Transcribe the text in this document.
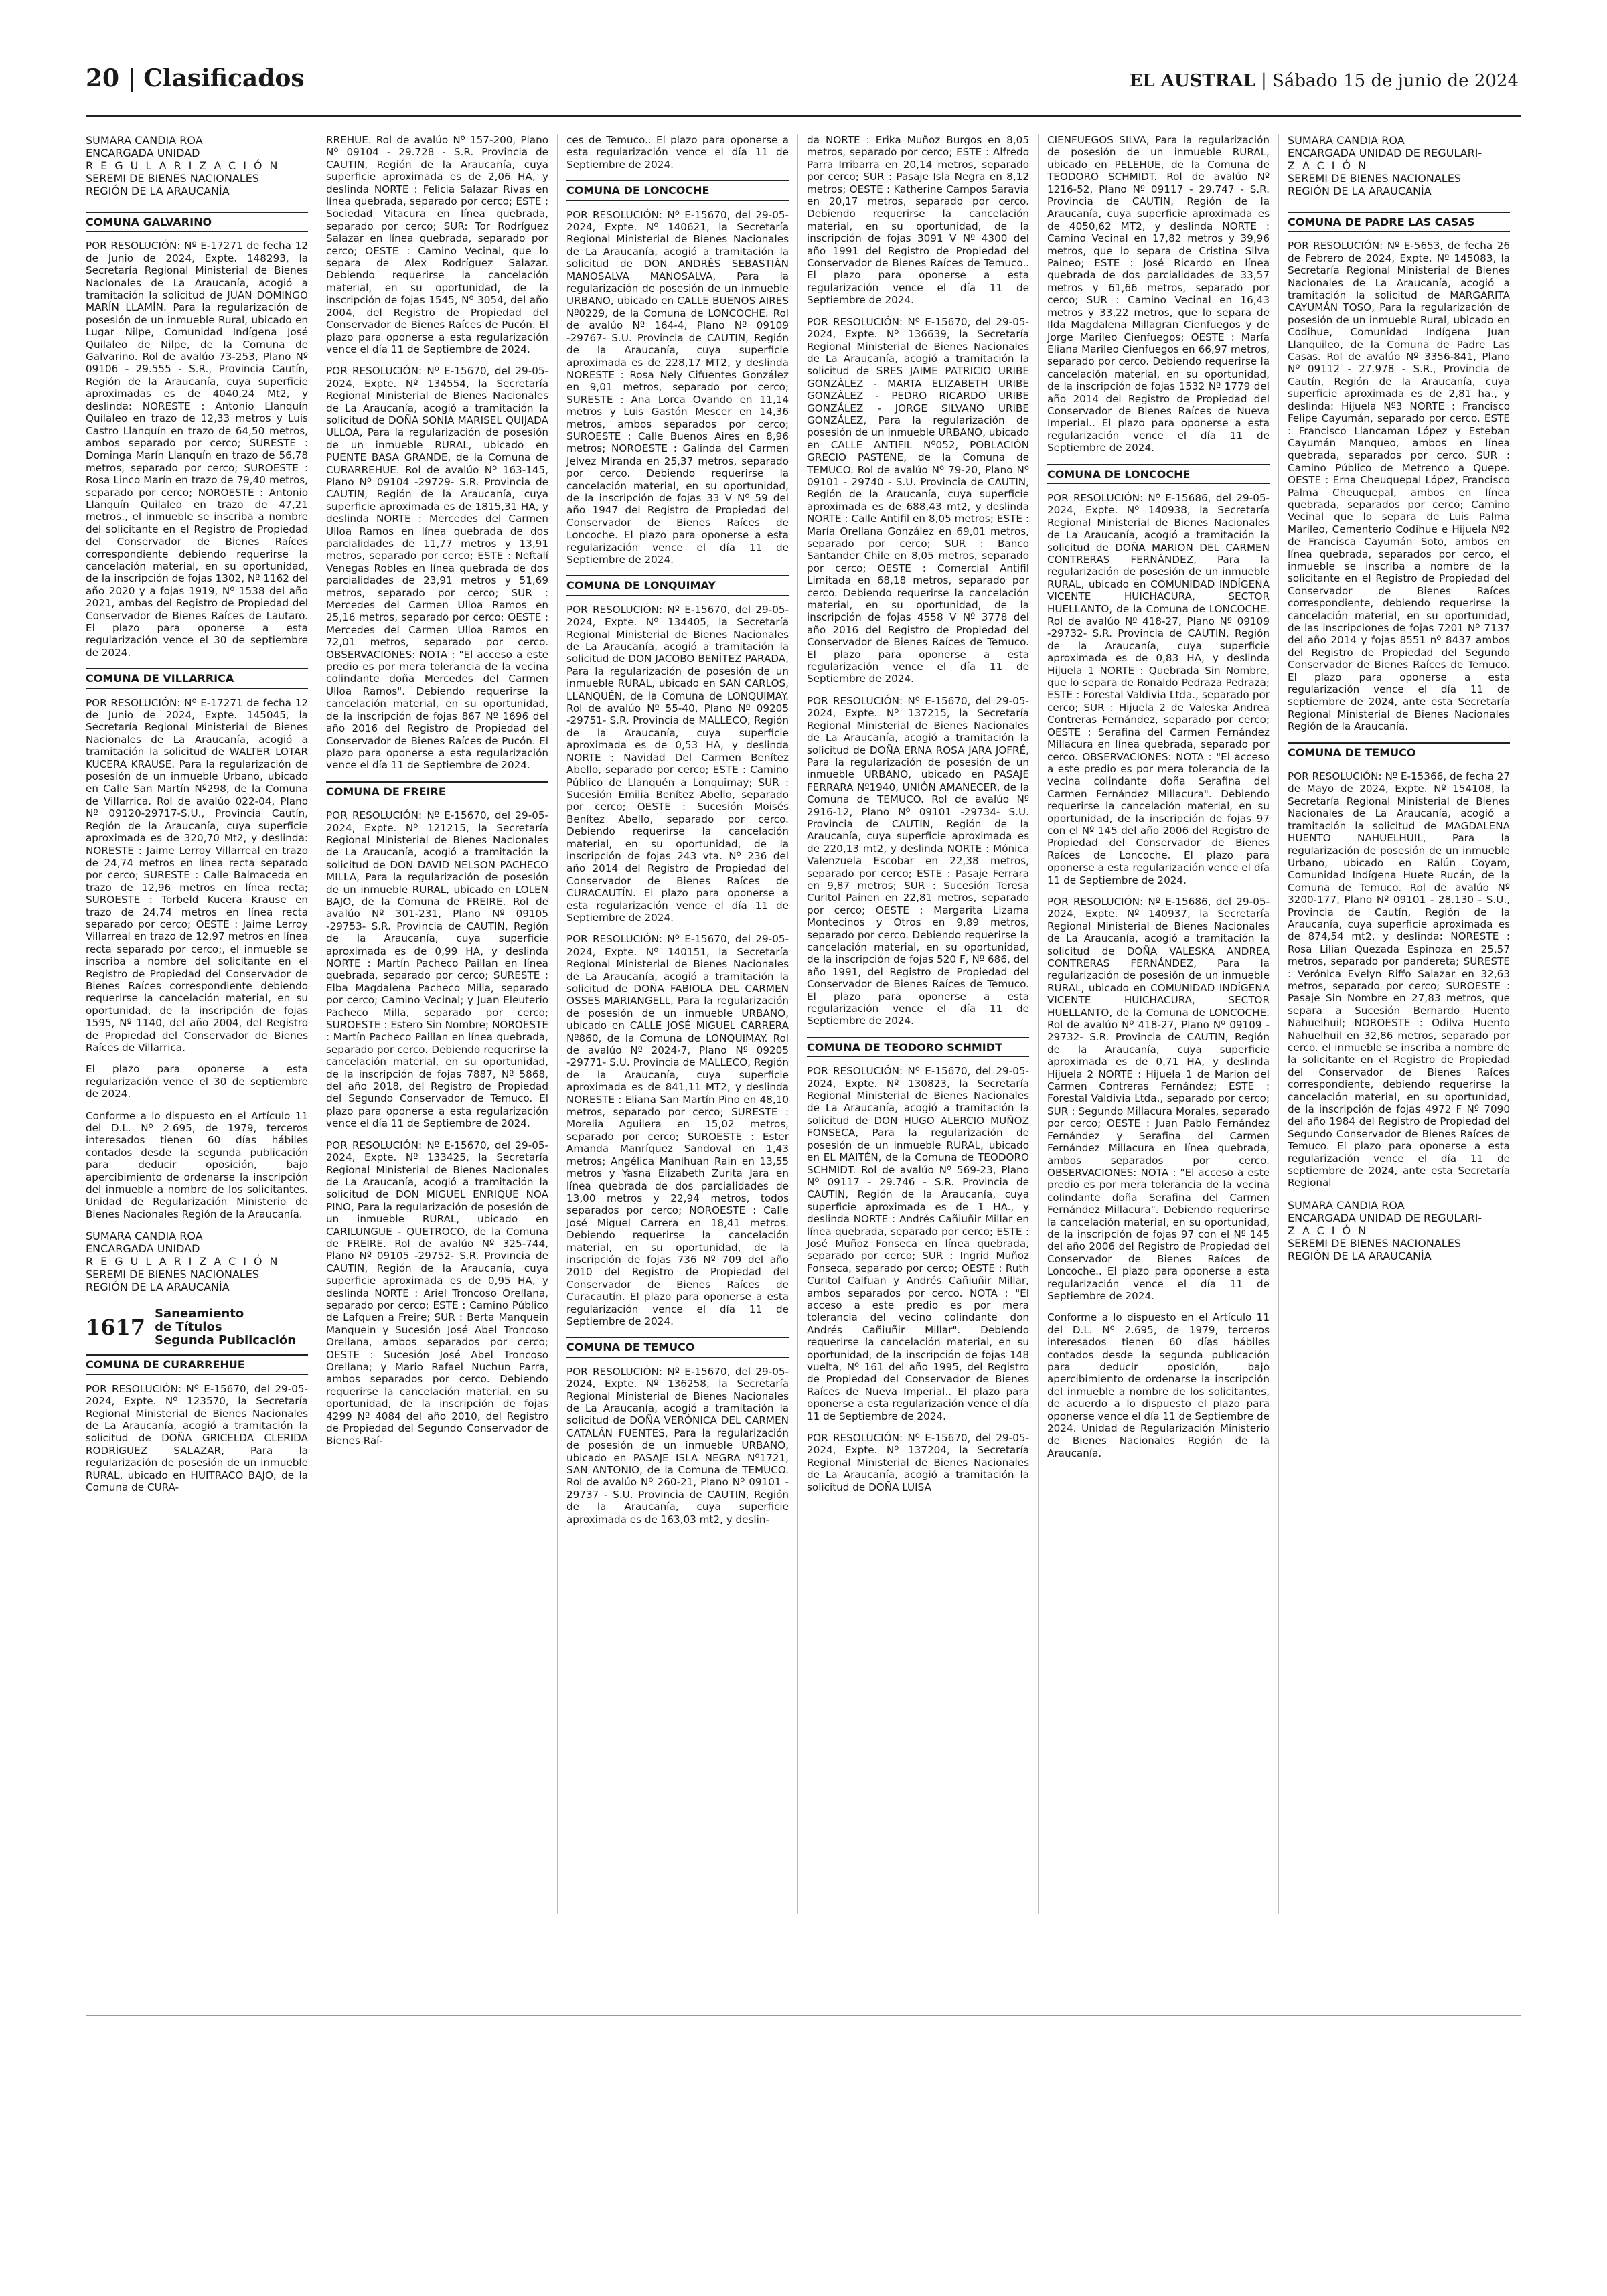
20 | Clasificados	EL AUSTRAL | Sábado 15 de junio de 2024
SUMARA CANDIA ROA
ENCARGADA UNIDAD
REGULARIZACIÓN
SEREMI DE BIENES NACIONALES
REGIÓN DE LA ARAUCANÍA
COMUNA GALVARINO

POR RESOLUCIÓN: Nº E-17271 de fecha 12 de Junio de 2024, Expte. 148293, la Secretaría Regional Ministerial de Bienes Nacionales de La Araucanía, acogió a tramitación la solicitud de JUAN DOMINGO MARÍN LLAMÍN. Para la regularización de posesión de un inmueble Rural, ubicado en Lugar Nilpe, Comunidad Indígena José Quilaleo de Nilpe, de la Comuna de Galvarino. Rol de avalúo 73-253, Plano Nº 09106 - 29.555 - S.R., Provincia Cautín, Región de la Araucanía, cuya superficie aproximadas es de 4040,24 Mt2, y deslinda: NORESTE : Antonio Llanquín Quilaleo en trazo de 12,33 metros y Luis Castro Llanquín en trazo de 64,50 metros, ambos separado por cerco; SURESTE : Dominga Marín Llanquín en trazo de 56,78 metros, separado por cerco; SUROESTE : Rosa Linco Marín en trazo de 79,40 metros, separado por cerco; NOROESTE : Antonio Llanquín Quilaleo en trazo de 47,21 metros., el inmueble se inscriba a nombre del solicitante en el Registro de Propiedad del Conservador de Bienes Raíces correspondiente debiendo requerirse la cancelación material, en su oportunidad, de la inscripción de fojas 1302, Nº 1162 del año 2020 y a fojas 1919, Nº 1538 del año 2021, ambas del Registro de Propiedad del Conservador de Bienes Raíces de Lautaro. El plazo para oponerse a esta regularización vence el 30 de septiembre de 2024.

COMUNA DE VILLARRICA

POR RESOLUCIÓN: Nº E-17271 de fecha 12 de Junio de 2024, Expte. 145045, la Secretaría Regional Ministerial de Bienes Nacionales de La Araucanía, acogió a tramitación la solicitud de WALTER LOTAR KUCERA KRAUSE. Para la regularización de posesión de un inmueble Urbano, ubicado en Calle San Martín Nº298, de la Comuna de Villarrica. Rol de avalúo 022-04, Plano Nº 09120-29717-S.U., Provincia Cautín, Región de la Araucanía, cuya superficie aproximada es de 320,70 Mt2, y deslinda: NORESTE : Jaime Lerroy Villarreal en trazo de 24,74 metros en línea recta separado por cerco; SURESTE : Calle Balmaceda en trazo de 12,96 metros en línea recta; SUROESTE : Torbeld Kucera Krause en trazo de 24,74 metros en línea recta separado por cerco; OESTE : Jaime Lerroy Villarreal en trazo de 12,97 metros en línea recta separado por cerco;, el inmueble se inscriba a nombre del solicitante en el Registro de Propiedad del Conservador de Bienes Raíces correspondiente debiendo requerirse la cancelación material, en su oportunidad, de la inscripción de fojas 1595, Nº 1140, del año 2004, del Registro de Propiedad del Conservador de Bienes Raíces de Villarrica.

El plazo para oponerse a esta regularización vence el 30 de septiembre de 2024.

Conforme a lo dispuesto en el Artículo 11 del D.L. Nº 2.695, de 1979, terceros interesados tienen 60 días hábiles contados desde la segunda publicación para deducir oposición, bajo apercibimiento de ordenarse la inscripción del inmueble a nombre de los solicitantes. Unidad de Regularización Ministerio de Bienes Nacionales Región de la Araucanía.

SUMARA CANDIA ROA
ENCARGADA UNIDAD
REGULARIZACIÓN
SEREMI DE BIENES NACIONALES
REGIÓN DE LA ARAUCANÍA
1617
Saneamiento
de Títulos
Segunda Publicación
COMUNA DE CURARREHUE

POR RESOLUCIÓN: Nº E-15670, del 29-05-2024, Expte. Nº 123570, la Secretaría Regional Ministerial de Bienes Nacionales de La Araucanía, acogió a tramitación la solicitud de DOÑA GRICELDA CLERIDA RODRÍGUEZ SALAZAR, Para la regularización de posesión de un inmueble RURAL, ubicado en HUITRACO BAJO, de la Comuna de CURA-

RREHUE. Rol de avalúo Nº 157-200, Plano Nº 09104 - 29.728 - S.R. Provincia de CAUTIN, Región de la Araucanía, cuya superficie aproximada es de 2,06 HA, y deslinda NORTE : Felicia Salazar Rivas en línea quebrada, separado por cerco; ESTE : Sociedad Vitacura en línea quebrada, separado por cerco; SUR: Tor Rodríguez Salazar en línea quebrada, separado por cerco; OESTE : Camino Vecinal, que lo separa de Alex Rodríguez Salazar. Debiendo requerirse la cancelación material, en su oportunidad, de la inscripción de fojas 1545, Nº 3054, del año 2004, del Registro de Propiedad del Conservador de Bienes Raíces de Pucón. El plazo para oponerse a esta regularización vence el día 11 de Septiembre de 2024.

POR RESOLUCIÓN: Nº E-15670, del 29-05-2024, Expte. Nº 134554, la Secretaría Regional Ministerial de Bienes Nacionales de La Araucanía, acogió a tramitación la solicitud de DOÑA SONIA MARISEL QUIJADA ULLOA, Para la regularización de posesión de un inmueble RURAL, ubicado en PUENTE BASA GRANDE, de la Comuna de CURARREHUE. Rol de avalúo Nº 163-145, Plano Nº 09104 -29729- S.R. Provincia de CAUTIN, Región de la Araucanía, cuya superficie aproximada es de 1815,31 HA, y deslinda NORTE : Mercedes del Carmen Ulloa Ramos en línea quebrada de dos parcialidades de 11,77 metros y 13,91 metros, separado por cerco; ESTE : Neftalí Venegas Robles en línea quebrada de dos parcialidades de 23,91 metros y 51,69 metros, separado por cerco; SUR : Mercedes del Carmen Ulloa Ramos en 25,16 metros, separado por cerco; OESTE : Mercedes del Carmen Ulloa Ramos en 72,01 metros, separado por cerco. OBSERVACIONES: NOTA : "El acceso a este predio es por mera tolerancia de la vecina colindante doña Mercedes del Carmen Ulloa Ramos". Debiendo requerirse la cancelación material, en su oportunidad, de la inscripción de fojas 867 Nº 1696 del año 2016 del Registro de Propiedad del Conservador de Bienes Raíces de Pucón. El plazo para oponerse a esta regularización vence el día 11 de Septiembre de 2024.

COMUNA DE FREIRE

POR RESOLUCIÓN: Nº E-15670, del 29-05-2024, Expte. Nº 121215, la Secretaría Regional Ministerial de Bienes Nacionales de La Araucanía, acogió a tramitación la solicitud de DON DAVID NELSON PACHECO MILLA, Para la regularización de posesión de un inmueble RURAL, ubicado en LOLEN BAJO, de la Comuna de FREIRE. Rol de avalúo Nº 301-231, Plano Nº 09105 -29753- S.R. Provincia de CAUTIN, Región de la Araucanía, cuya superficie aproximada es de 0,99 HA, y deslinda NORTE : Martín Pacheco Paillan en línea quebrada, separado por cerco; SURESTE : Elba Magdalena Pacheco Milla, separado por cerco; Camino Vecinal; y Juan Eleuterio Pacheco Milla, separado por cerco; SUROESTE : Estero Sin Nombre; NOROESTE : Martín Pacheco Paillan en línea quebrada, separado por cerco. Debiendo requerirse la cancelación material, en su oportunidad, de la inscripción de fojas 7887, Nº 5868, del año 2018, del Registro de Propiedad del Segundo Conservador de Temuco. El plazo para oponerse a esta regularización vence el día 11 de Septiembre de 2024.

POR RESOLUCIÓN: Nº E-15670, del 29-05-2024, Expte. Nº 133425, la Secretaría Regional Ministerial de Bienes Nacionales de La Araucanía, acogió a tramitación la solicitud de DON MIGUEL ENRIQUE NOA PINO, Para la regularización de posesión de un inmueble RURAL, ubicado en CARILUNGUE - QUETROCO, de la Comuna de FREIRE. Rol de avalúo Nº 325-744, Plano Nº 09105 -29752- S.R. Provincia de CAUTIN, Región de la Araucanía, cuya superficie aproximada es de 0,95 HA, y deslinda NORTE : Ariel Troncoso Orellana, separado por cerco; ESTE : Camino Público de Lafquen a Freire; SUR : Berta Manquein Manquein y Sucesión José Abel Troncoso Orellana, ambos separados por cerco; OESTE : Sucesión José Abel Troncoso Orellana; y Mario Rafael Nuchun Parra, ambos separados por cerco. Debiendo requerirse la cancelación material, en su oportunidad, de la inscripción de fojas 4299 Nº 4084 del año 2010, del Registro de Propiedad del Segundo Conservador de Bienes Raí-

ces de Temuco.. El plazo para oponerse a esta regularización vence el día 11 de Septiembre de 2024.

COMUNA DE LONCOCHE

POR RESOLUCIÓN: Nº E-15670, del 29-05-2024, Expte. Nº 140621, la Secretaría Regional Ministerial de Bienes Nacionales de La Araucanía, acogió a tramitación la solicitud de DON ANDRÉS SEBASTIÁN MANOSALVA MANOSALVA, Para la regularización de posesión de un inmueble URBANO, ubicado en CALLE BUENOS AIRES Nº0229, de la Comuna de LONCOCHE. Rol de avalúo Nº 164-4, Plano Nº 09109 -29767- S.U. Provincia de CAUTIN, Región de la Araucanía, cuya superficie aproximada es de 228,17 MT2, y deslinda NORESTE : Rosa Nely Cifuentes González en 9,01 metros, separado por cerco; SURESTE : Ana Lorca Ovando en 11,14 metros y Luis Gastón Mescer en 14,36 metros, ambos separados por cerco; SUROESTE : Calle Buenos Aires en 8,96 metros; NOROESTE : Galinda del Carmen Jelvez Miranda en 25,37 metros, separado por cerco. Debiendo requerirse la cancelación material, en su oportunidad, de la inscripción de fojas 33 V Nº 59 del año 1947 del Registro de Propiedad del Conservador de Bienes Raíces de Loncoche. El plazo para oponerse a esta regularización vence el día 11 de Septiembre de 2024.

COMUNA DE LONQUIMAY

POR RESOLUCIÓN: Nº E-15670, del 29-05-2024, Expte. Nº 134405, la Secretaría Regional Ministerial de Bienes Nacionales de La Araucanía, acogió a tramitación la solicitud de DON JACOBO BENÍTEZ PARADA, Para la regularización de posesión de un inmueble RURAL, ubicado en SAN CARLOS, LLANQUÉN, de la Comuna de LONQUIMAY. Rol de avalúo Nº 55-40, Plano Nº 09205 -29751- S.R. Provincia de MALLECO, Región de la Araucanía, cuya superficie aproximada es de 0,53 HA, y deslinda NORTE : Navidad Del Carmen Benítez Abello, separado por cerco; ESTE : Camino Público de Llanquén a Lonquimay; SUR : Sucesión Emilia Benítez Abello, separado por cerco; OESTE : Sucesión Moisés Benítez Abello, separado por cerco. Debiendo requerirse la cancelación material, en su oportunidad, de la inscripción de fojas 243 vta. Nº 236 del año 2014 del Registro de Propiedad del Conservador de Bienes Raíces de CURACAUTÍN. El plazo para oponerse a esta regularización vence el día 11 de Septiembre de 2024.

POR RESOLUCIÓN: Nº E-15670, del 29-05-2024, Expte. Nº 140151, la Secretaría Regional Ministerial de Bienes Nacionales de La Araucanía, acogió a tramitación la solicitud de DOÑA FABIOLA DEL CARMEN OSSES MARIANGELL, Para la regularización de posesión de un inmueble URBANO, ubicado en CALLE JOSÉ MIGUEL CARRERA Nº860, de la Comuna de LONQUIMAY. Rol de avalúo Nº 2024-7, Plano Nº 09205 -29771- S.U. Provincia de MALLECO, Región de la Araucanía, cuya superficie aproximada es de 841,11 MT2, y deslinda NORESTE : Eliana San Martín Pino en 48,10 metros, separado por cerco; SURESTE : Morelia Aguilera en 15,02 metros, separado por cerco; SUROESTE : Ester Amanda Manríquez Sandoval en 1,43 metros; Angélica Manihuan Rain en 13,55 metros y Yasna Elizabeth Zurita Jara en línea quebrada de dos parcialidades de 13,00 metros y 22,94 metros, todos separados por cerco; NOROESTE : Calle José Miguel Carrera en 18,41 metros. Debiendo requerirse la cancelación material, en su oportunidad, de la inscripción de fojas 736 Nº 709 del año 2010 del Registro de Propiedad del Conservador de Bienes Raíces de Curacautín. El plazo para oponerse a esta regularización vence el día 11 de Septiembre de 2024.

COMUNA DE TEMUCO

POR RESOLUCIÓN: Nº E-15670, del 29-05-2024, Expte. Nº 136258, la Secretaría Regional Ministerial de Bienes Nacionales de La Araucanía, acogió a tramitación la solicitud de DOÑA VERÓNICA DEL CARMEN CATALÁN FUENTES, Para la regularización de posesión de un inmueble URBANO, ubicado en PASAJE ISLA NEGRA Nº1721, SAN ANTONIO, de la Comuna de TEMUCO. Rol de avalúo Nº 260-21, Plano Nº 09101 - 29737 - S.U. Provincia de CAUTIN, Región de la Araucanía, cuya superficie aproximada es de 163,03 mt2, y deslin-

da NORTE : Erika Muñoz Burgos en 8,05 metros, separado por cerco; ESTE : Alfredo Parra Irribarra en 20,14 metros, separado por cerco; SUR : Pasaje Isla Negra en 8,12 metros; OESTE : Katherine Campos Saravia en 20,17 metros, separado por cerco. Debiendo requerirse la cancelación material, en su oportunidad, de la inscripción de fojas 3091 V Nº 4300 del año 1991 del Registro de Propiedad del Conservador de Bienes Raíces de Temuco.. El plazo para oponerse a esta regularización vence el día 11 de Septiembre de 2024.

POR RESOLUCIÓN: Nº E-15670, del 29-05-2024, Expte. Nº 136639, la Secretaría Regional Ministerial de Bienes Nacionales de La Araucanía, acogió a tramitación la solicitud de SRES JAIME PATRICIO URIBE GONZÁLEZ - MARTA ELIZABETH URIBE GONZÁLEZ - PEDRO RICARDO URIBE GONZÁLEZ - JORGE SILVANO URIBE GONZÁLEZ, Para la regularización de posesión de un inmueble URBANO, ubicado en CALLE ANTIFIL Nº052, POBLACIÓN GRECIO PASTENE, de la Comuna de TEMUCO. Rol de avalúo Nº 79-20, Plano Nº 09101 - 29740 - S.U. Provincia de CAUTIN, Región de la Araucanía, cuya superficie aproximada es de 688,43 mt2, y deslinda NORTE : Calle Antifil en 8,05 metros; ESTE : María Orellana González en 69,01 metros, separado por cerco; SUR : Banco Santander Chile en 8,05 metros, separado por cerco; OESTE : Comercial Antifil Limitada en 68,18 metros, separado por cerco. Debiendo requerirse la cancelación material, en su oportunidad, de la inscripción de fojas 4558 V Nº 3778 del año 2016 del Registro de Propiedad del Conservador de Bienes Raíces de Temuco. El plazo para oponerse a esta regularización vence el día 11 de Septiembre de 2024.

POR RESOLUCIÓN: Nº E-15670, del 29-05-2024, Expte. Nº 137215, la Secretaría Regional Ministerial de Bienes Nacionales de La Araucanía, acogió a tramitación la solicitud de DOÑA ERNA ROSA JARA JOFRÉ, Para la regularización de posesión de un inmueble URBANO, ubicado en PASAJE FERRARA Nº1940, UNIÓN AMANECER, de la Comuna de TEMUCO. Rol de avalúo Nº 2916-12, Plano Nº 09101 -29734- S.U. Provincia de CAUTIN, Región de la Araucanía, cuya superficie aproximada es de 220,13 mt2, y deslinda NORTE : Mónica Valenzuela Escobar en 22,38 metros, separado por cerco; ESTE : Pasaje Ferrara en 9,87 metros; SUR : Sucesión Teresa Curitol Painen en 22,81 metros, separado por cerco; OESTE : Margarita Lizama Montecinos y Otros en 9,89 metros, separado por cerco. Debiendo requerirse la cancelación material, en su oportunidad, de la inscripción de fojas 520 F, Nº 686, del año 1991, del Registro de Propiedad del Conservador de Bienes Raíces de Temuco. El plazo para oponerse a esta regularización vence el día 11 de Septiembre de 2024.

COMUNA DE TEODORO SCHMIDT

POR RESOLUCIÓN: Nº E-15670, del 29-05-2024, Expte. Nº 130823, la Secretaría Regional Ministerial de Bienes Nacionales de La Araucanía, acogió a tramitación la solicitud de DON HUGO ALERCIO MUÑOZ FONSECA, Para la regularización de posesión de un inmueble RURAL, ubicado en EL MAITÉN, de la Comuna de TEODORO SCHMIDT. Rol de avalúo Nº 569-23, Plano Nº 09117 - 29.746 - S.R. Provincia de CAUTIN, Región de la Araucanía, cuya superficie aproximada es de 1 HA., y deslinda NORTE : Andrés Cañiuñir Millar en línea quebrada, separado por cerco; ESTE : José Muñoz Fonseca en línea quebrada, separado por cerco; SUR : Ingrid Muñoz Fonseca, separado por cerco; OESTE : Ruth Curitol Calfuan y Andrés Cañiuñir Millar, ambos separados por cerco. NOTA : "El acceso a este predio es por mera tolerancia del vecino colindante don Andrés Cañiuñir Millar". Debiendo requerirse la cancelación material, en su oportunidad, de la inscripción de fojas 148 vuelta, Nº 161 del año 1995, del Registro de Propiedad del Conservador de Bienes Raíces de Nueva Imperial.. El plazo para oponerse a esta regularización vence el día 11 de Septiembre de 2024.

POR RESOLUCIÓN: Nº E-15670, del 29-05-2024, Expte. Nº 137204, la Secretaría Regional Ministerial de Bienes Nacionales de La Araucanía, acogió a tramitación la solicitud de DOÑA LUISA

CIENFUEGOS SILVA, Para la regularización de posesión de un inmueble RURAL, ubicado en PELEHUE, de la Comuna de TEODORO SCHMIDT. Rol de avalúo Nº 1216-52, Plano Nº 09117 - 29.747 - S.R. Provincia de CAUTIN, Región de la Araucanía, cuya superficie aproximada es de 4050,62 MT2, y deslinda NORTE : Camino Vecinal en 17,82 metros y 39,96 metros, que lo separa de Cristina Silva Paineo; ESTE : José Ricardo en línea quebrada de dos parcialidades de 33,57 metros y 61,66 metros, separado por cerco; SUR : Camino Vecinal en 16,43 metros y 33,22 metros, que lo separa de Ilda Magdalena Millagran Cienfuegos y de Jorge Marileo Cienfuegos; OESTE : María Eliana Marileo Cienfuegos en 66,97 metros, separado por cerco. Debiendo requerirse la cancelación material, en su oportunidad, de la inscripción de fojas 1532 Nº 1779 del año 2014 del Registro de Propiedad del Conservador de Bienes Raíces de Nueva Imperial.. El plazo para oponerse a esta regularización vence el día 11 de Septiembre de 2024.

COMUNA DE LONCOCHE

POR RESOLUCIÓN: Nº E-15686, del 29-05-2024, Expte. Nº 140938, la Secretaría Regional Ministerial de Bienes Nacionales de La Araucanía, acogió a tramitación la solicitud de DOÑA MARION DEL CARMEN CONTRERAS FERNÁNDEZ, Para la regularización de posesión de un inmueble RURAL, ubicado en COMUNIDAD INDÍGENA VICENTE HUICHACURA, SECTOR HUELLANTO, de la Comuna de LONCOCHE. Rol de avalúo Nº 418-27, Plano Nº 09109 -29732- S.R. Provincia de CAUTIN, Región de la Araucanía, cuya superficie aproximada es de 0,83 HA, y deslinda Hijuela 1 NORTE : Quebrada Sin Nombre, que lo separa de Ronaldo Pedraza Pedraza; ESTE : Forestal Valdivia Ltda., separado por cerco; SUR : Hijuela 2 de Valeska Andrea Contreras Fernández, separado por cerco; OESTE : Serafina del Carmen Fernández Millacura en línea quebrada, separado por cerco. OBSERVACIONES: NOTA : "El acceso a este predio es por mera tolerancia de la vecina colindante doña Serafina del Carmen Fernández Millacura". Debiendo requerirse la cancelación material, en su oportunidad, de la inscripción de fojas 97 con el Nº 145 del año 2006 del Registro de Propiedad del Conservador de Bienes Raíces de Loncoche. El plazo para oponerse a esta regularización vence el día 11 de Septiembre de 2024.

POR RESOLUCIÓN: Nº E-15686, del 29-05-2024, Expte. Nº 140937, la Secretaría Regional Ministerial de Bienes Nacionales de La Araucanía, acogió a tramitación la solicitud de DOÑA VALESKA ANDREA CONTRERAS FERNÁNDEZ, Para la regularización de posesión de un inmueble RURAL, ubicado en COMUNIDAD INDÍGENA VICENTE HUICHACURA, SECTOR HUELLANTO, de la Comuna de LONCOCHE. Rol de avalúo Nº 418-27, Plano Nº 09109 - 29732- S.R. Provincia de CAUTIN, Región de la Araucanía, cuya superficie aproximada es de 0,71 HA, y deslinda Hijuela 2 NORTE : Hijuela 1 de Marion del Carmen Contreras Fernández; ESTE : Forestal Valdivia Ltda., separado por cerco; SUR : Segundo Millacura Morales, separado por cerco; OESTE : Juan Pablo Fernández Fernández y Serafina del Carmen Fernández Millacura en línea quebrada, ambos separados por cerco. OBSERVACIONES: NOTA : "El acceso a este predio es por mera tolerancia de la vecina colindante doña Serafina del Carmen Fernández Millacura". Debiendo requerirse la cancelación material, en su oportunidad, de la inscripción de fojas 97 con el Nº 145 del año 2006 del Registro de Propiedad del Conservador de Bienes Raíces de Loncoche.. El plazo para oponerse a esta regularización vence el día 11 de Septiembre de 2024.

Conforme a lo dispuesto en el Artículo 11 del D.L. Nº 2.695, de 1979, terceros interesados tienen 60 días hábiles contados desde la segunda publicación para deducir oposición, bajo apercibimiento de ordenarse la inscripción del inmueble a nombre de los solicitantes, de acuerdo a lo dispuesto el plazo para oponerse vence el día 11 de Septiembre de 2024. Unidad de Regularización Ministerio de Bienes Nacionales Región de la Araucanía.

SUMARA CANDIA ROA
ENCARGADA UNIDAD DE REGULARI-
ZACIÓN
SEREMI DE BIENES NACIONALES
REGIÓN DE LA ARAUCANÍA
COMUNA DE PADRE LAS CASAS

POR RESOLUCIÓN: Nº E-5653, de fecha 26 de Febrero de 2024, Expte. Nº 145083, la Secretaría Regional Ministerial de Bienes Nacionales de La Araucanía, acogió a tramitación la solicitud de MARGARITA CAYUMÁN TOSO, Para la regularización de posesión de un inmueble Rural, ubicado en Codihue, Comunidad Indígena Juan Llanquileo, de la Comuna de Padre Las Casas. Rol de avalúo Nº 3356-841, Plano Nº 09112 - 27.978 - S.R., Provincia de Cautín, Región de la Araucanía, cuya superficie aproximada es de 2,81 ha., y deslinda: Hijuela Nº3 NORTE : Francisco Felipe Cayumán, separado por cerco. ESTE : Francisco Llancaman López y Esteban Cayumán Manqueo, ambos en línea quebrada, separados por cerco. SUR : Camino Público de Metrenco a Quepe. OESTE : Erna Cheuquepal López, Francisco Palma Cheuquepal, ambos en línea quebrada, separados por cerco; Camino Vecinal que lo separa de Luis Palma Marileo, Cementerio Codihue e Hijuela Nº2 de Francisca Cayumán Soto, ambos en línea quebrada, separados por cerco, el inmueble se inscriba a nombre de la solicitante en el Registro de Propiedad del Conservador de Bienes Raíces correspondiente, debiendo requerirse la cancelación material, en su oportunidad, de las inscripciones de fojas 7201 Nº 7137 del año 2014 y fojas 8551 nº 8437 ambos del Registro de Propiedad del Segundo Conservador de Bienes Raíces de Temuco. El plazo para oponerse a esta regularización vence el día 11 de septiembre de 2024, ante esta Secretaría Regional Ministerial de Bienes Nacionales Región de la Araucanía.

COMUNA DE TEMUCO

POR RESOLUCIÓN: Nº E-15366, de fecha 27 de Mayo de 2024, Expte. Nº 154108, la Secretaría Regional Ministerial de Bienes Nacionales de La Araucanía, acogió a tramitación la solicitud de MAGDALENA HUENTO NAHUELHUIL, Para la regularización de posesión de un inmueble Urbano, ubicado en Ralún Coyam, Comunidad Indígena Huete Rucán, de la Comuna de Temuco. Rol de avalúo Nº 3200-177, Plano Nº 09101 - 28.130 - S.U., Provincia de Cautín, Región de la Araucanía, cuya superficie aproximada es de 874,54 mt2, y deslinda: NORESTE : Rosa Lilian Quezada Espinoza en 25,57 metros, separado por pandereta; SURESTE : Verónica Evelyn Riffo Salazar en 32,63 metros, separado por cerco; SUROESTE : Pasaje Sin Nombre en 27,83 metros, que separa a Sucesión Bernardo Huento Nahuelhuil; NOROESTE : Odilva Huento Nahuelhuil en 32,86 metros, separado por cerco. el inmueble se inscriba a nombre de la solicitante en el Registro de Propiedad del Conservador de Bienes Raíces correspondiente, debiendo requerirse la cancelación material, en su oportunidad, de la inscripción de fojas 4972 F Nº 7090 del año 1984 del Registro de Propiedad del Segundo Conservador de Bienes Raíces de Temuco. El plazo para oponerse a esta regularización vence el día 11 de septiembre de 2024, ante esta Secretaría Regional

SUMARA CANDIA ROA
ENCARGADA UNIDAD DE REGULARI-
ZACIÓN
SEREMI DE BIENES NACIONALES
REGIÓN DE LA ARAUCANÍA
